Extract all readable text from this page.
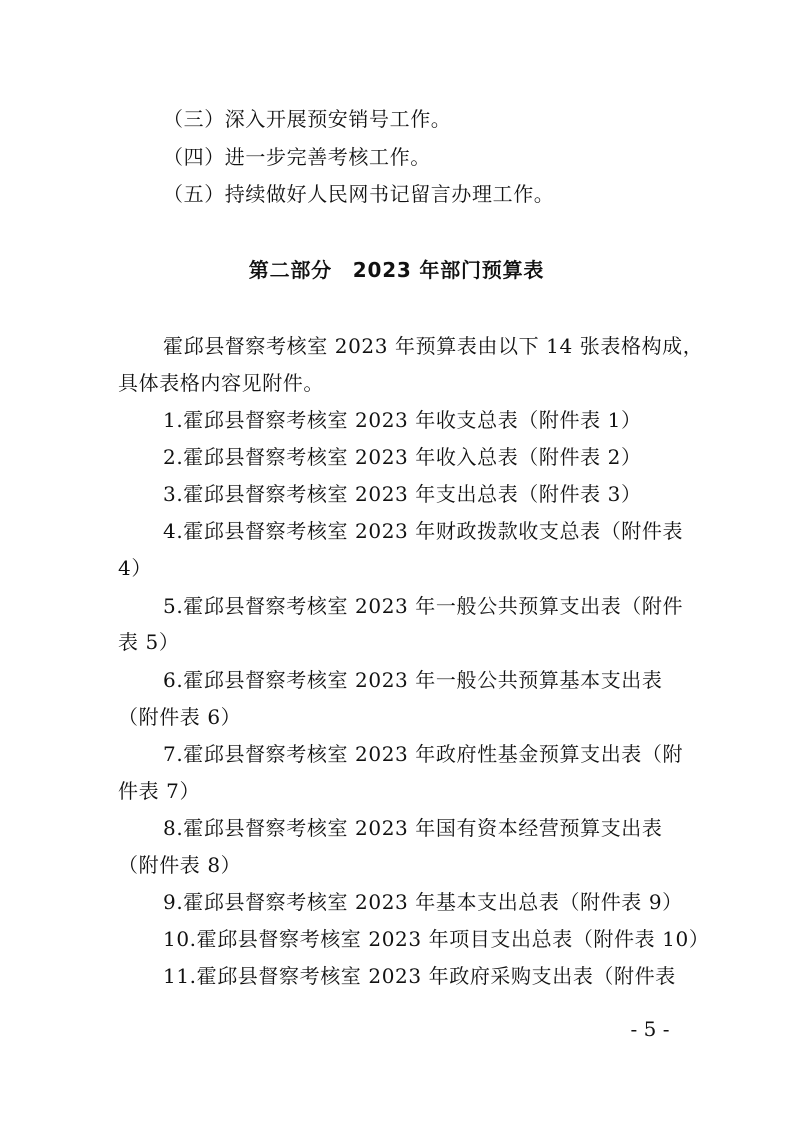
（三）深入开展预安销号工作。
（四）进一步完善考核工作。
（五）持续做好人民网书记留言办理工作。
第二部分　2023 年部门预算表
霍邱县督察考核室 2023 年预算表由以下 14 张表格构成，
具体表格内容见附件。
1.霍邱县督察考核室 2023 年收支总表（附件表 1）
2.霍邱县督察考核室 2023 年收入总表（附件表 2）
3.霍邱县督察考核室 2023 年支出总表（附件表 3）
4.霍邱县督察考核室 2023 年财政拨款收支总表（附件表
4）
5.霍邱县督察考核室 2023 年一般公共预算支出表（附件
表 5）
6.霍邱县督察考核室 2023 年一般公共预算基本支出表
（附件表 6）
7.霍邱县督察考核室 2023 年政府性基金预算支出表（附
件表 7）
8.霍邱县督察考核室 2023 年国有资本经营预算支出表
（附件表 8）
9.霍邱县督察考核室 2023 年基本支出总表（附件表 9）
10.霍邱县督察考核室 2023 年项目支出总表（附件表 10）
11.霍邱县督察考核室 2023 年政府采购支出表（附件表
- 5 -
